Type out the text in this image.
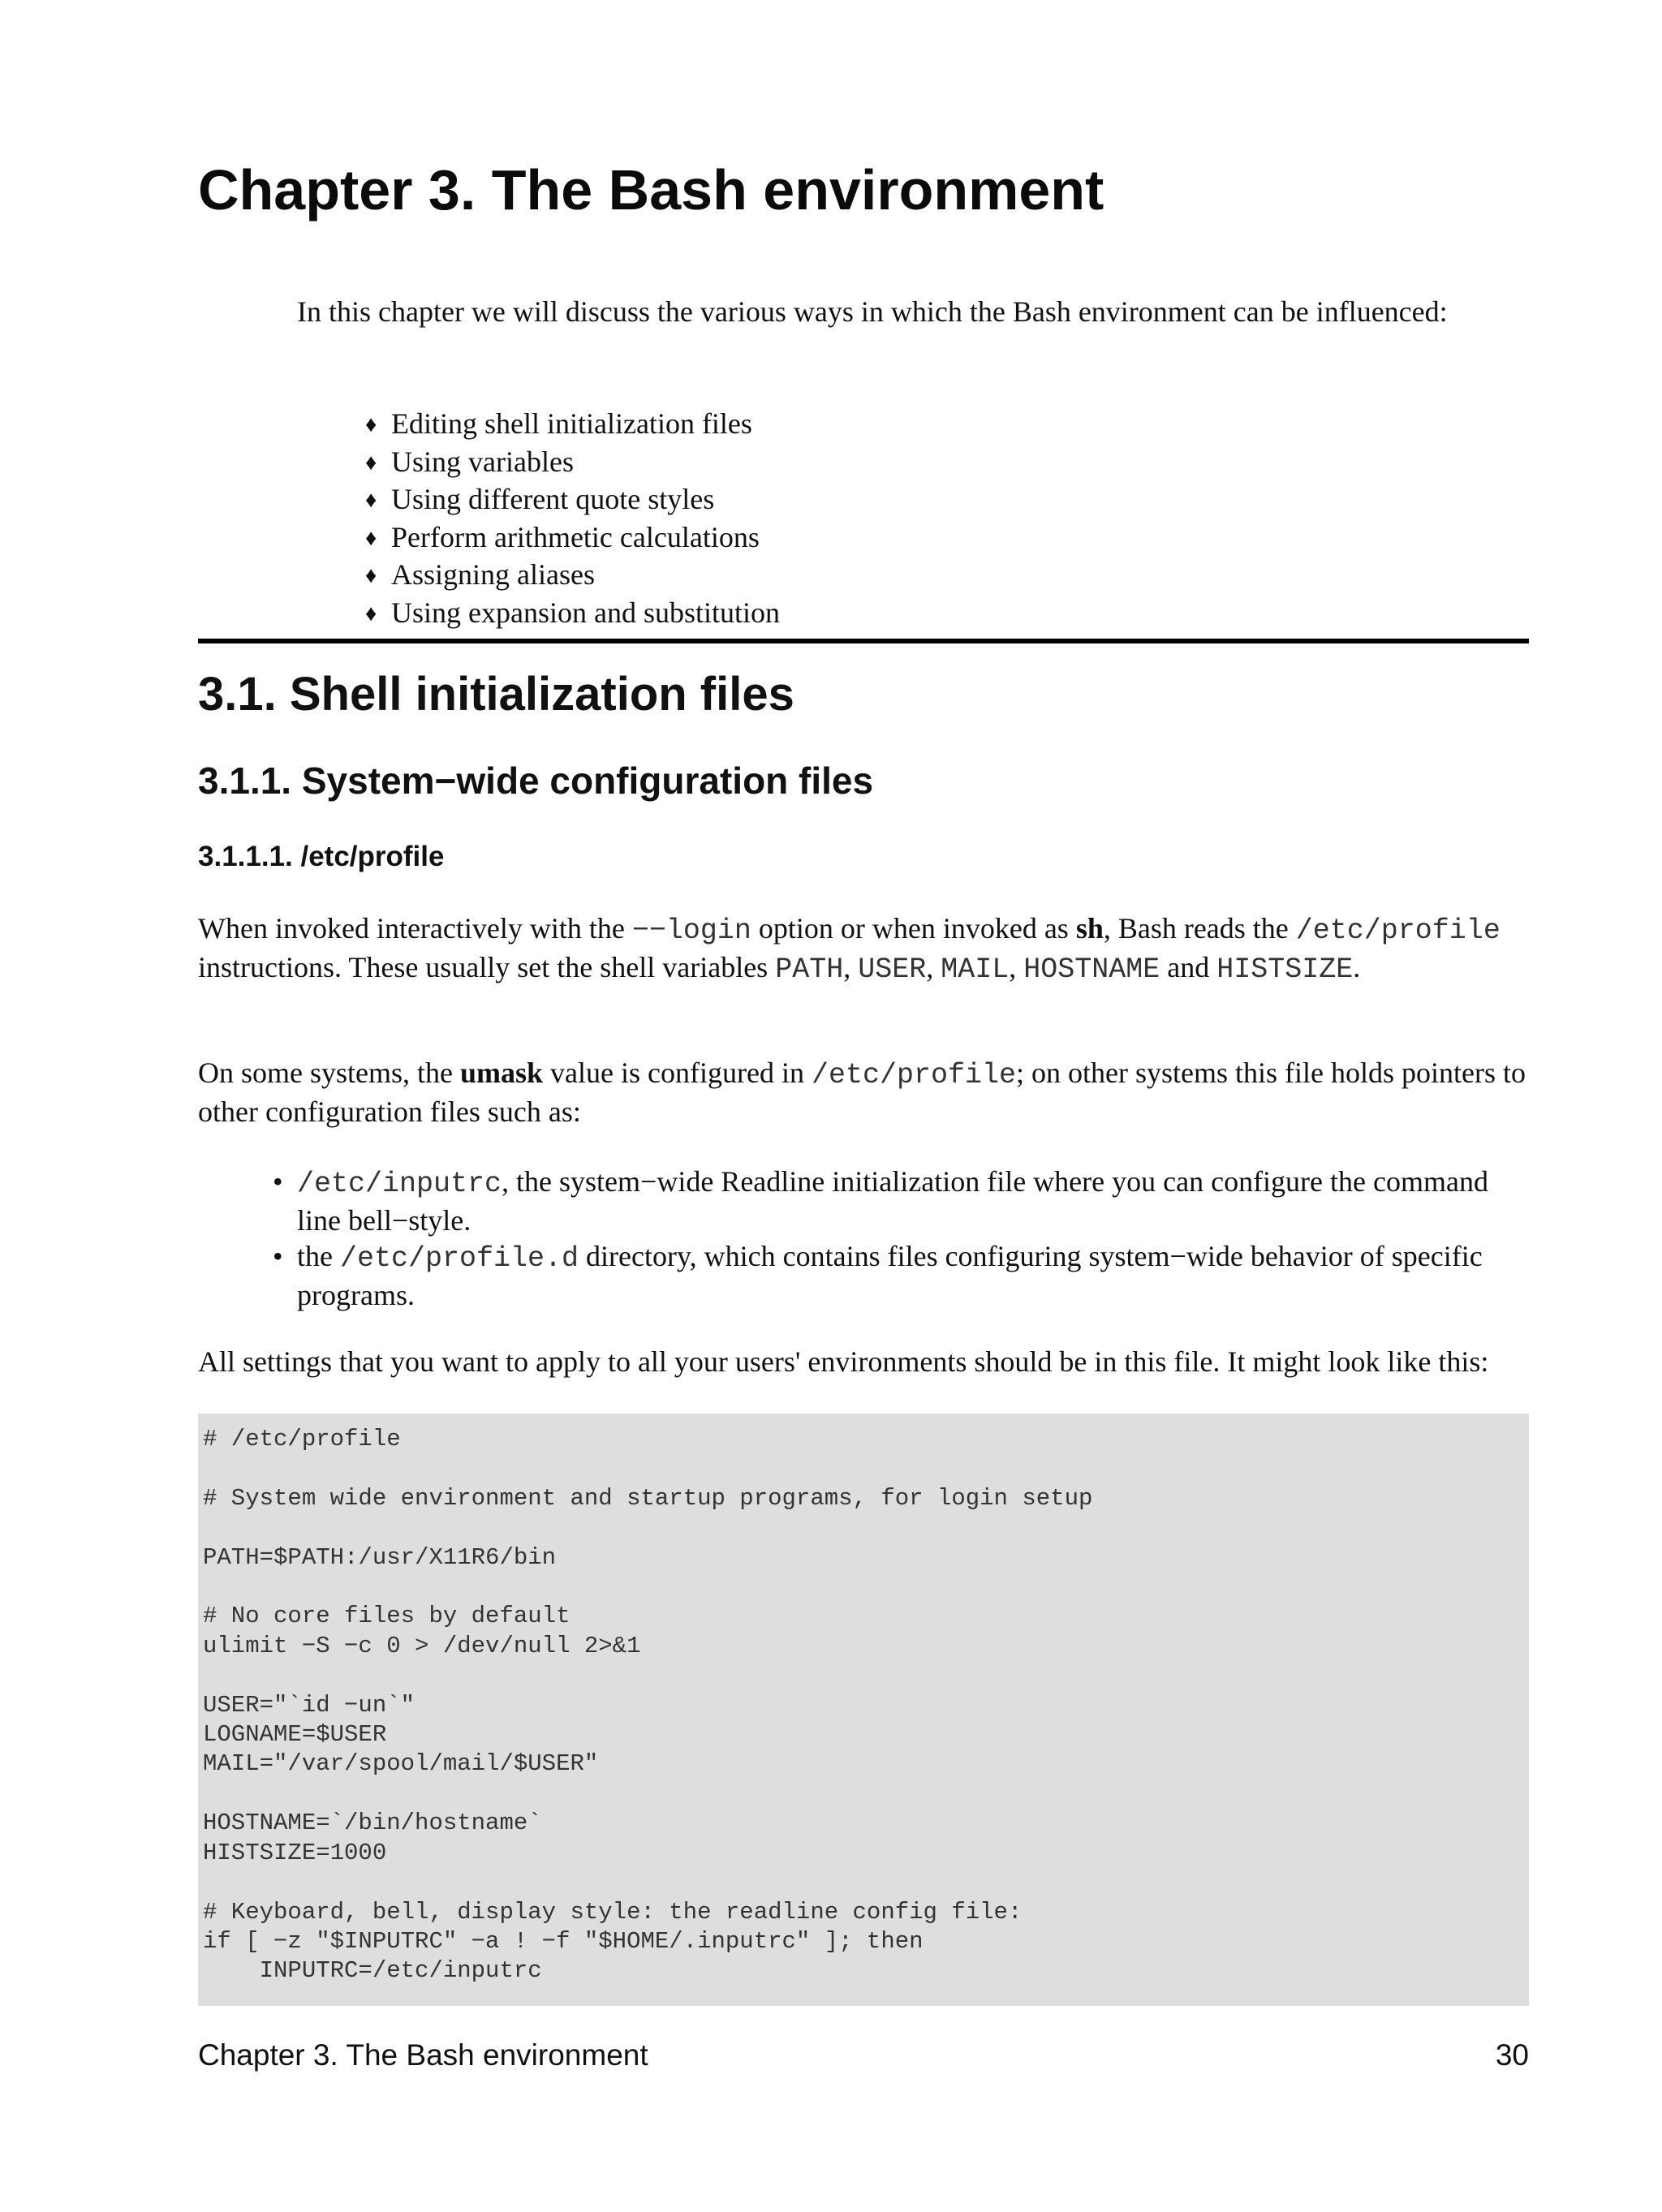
Chapter 3. The Bash environment

In this chapter we will discuss the various ways in which the Bash environment can be influenced:

♦ Editing shell initialization files
♦ Using variables
♦ Using different quote styles
♦ Perform arithmetic calculations
♦ Assigning aliases
♦ Using expansion and substitution
3.1. Shell initialization files
3.1.1. System−wide configuration files
3.1.1.1. /etc/profile

When invoked interactively with the −−login option or when invoked as sh, Bash reads the /etc/profile instructions. These usually set the shell variables PATH, USER, MAIL, HOSTNAME and HISTSIZE.

On some systems, the umask value is configured in /etc/profile; on other systems this file holds pointers to other configuration files such as:

• /etc/inputrc, the system−wide Readline initialization file where you can configure the command line bell−style.
• the /etc/profile.d directory, which contains files configuring system−wide behavior of specific programs.

All settings that you want to apply to all your users' environments should be in this file. It might look like this:

# /etc/profile

# System wide environment and startup programs, for login setup

PATH=$PATH:/usr/X11R6/bin

# No core files by default
ulimit −S −c 0 > /dev/null 2>&1

USER="`id −un`"
LOGNAME=$USER
MAIL="/var/spool/mail/$USER"

HOSTNAME=`/bin/hostname`
HISTSIZE=1000

# Keyboard, bell, display style: the readline config file:
if [ −z "$INPUTRC" −a ! −f "$HOME/.inputrc" ]; then
INPUTRC=/etc/inputrc
Chapter 3. The Bash environment	30
